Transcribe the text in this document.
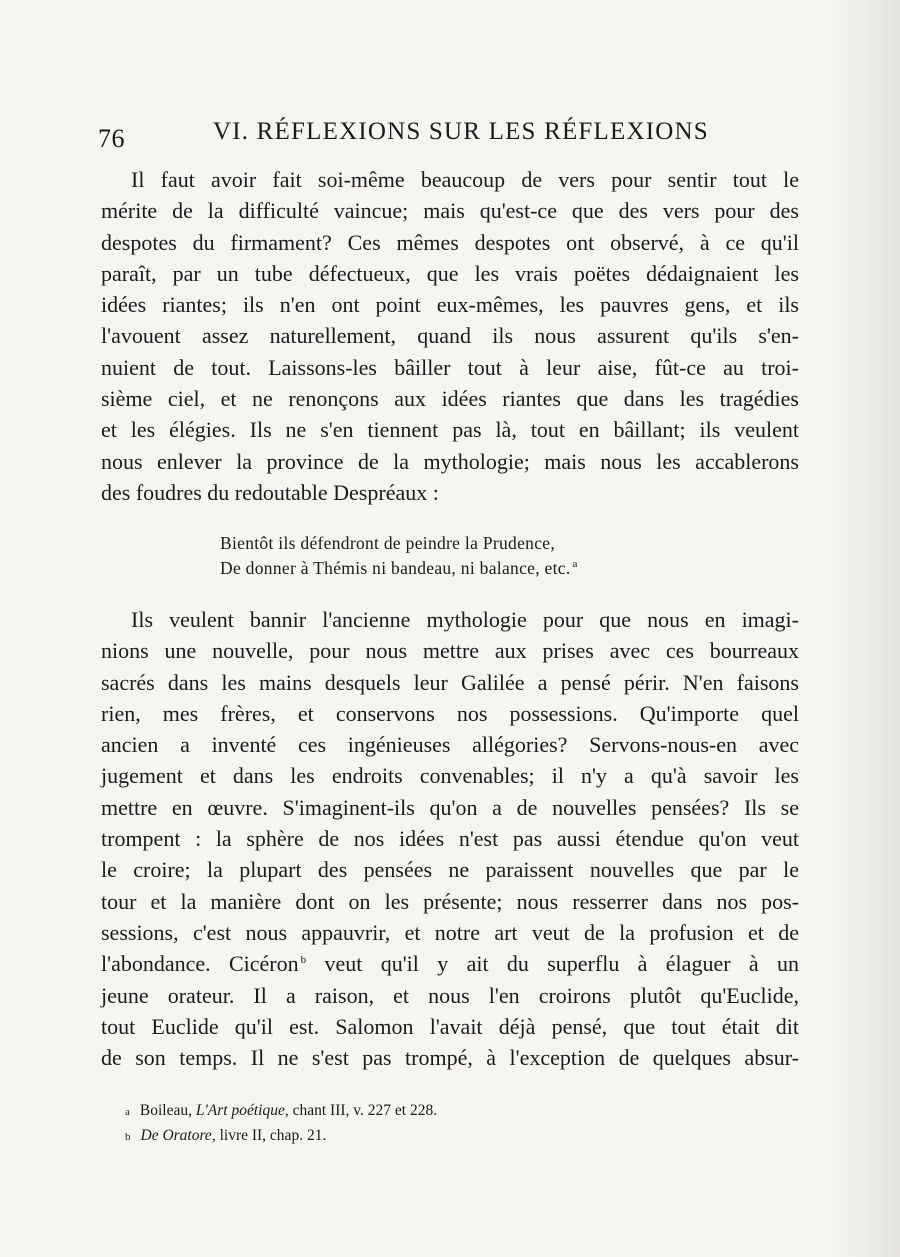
76	VI. RÉFLEXIONS SUR LES RÉFLEXIONS
Il faut avoir fait soi-même beaucoup de vers pour sentir tout le
mérite de la difficulté vaincue; mais qu'est-ce que des vers pour des
despotes du firmament? Ces mêmes despotes ont observé, à ce qu'il
paraît, par un tube défectueux, que les vrais poëtes dédaignaient les
idées riantes; ils n'en ont point eux-mêmes, les pauvres gens, et ils
l'avouent assez naturellement, quand ils nous assurent qu'ils s'en-
nuient de tout. Laissons-les bâiller tout à leur aise, fût-ce au troi-
sième ciel, et ne renonçons aux idées riantes que dans les tragédies
et les élégies. Ils ne s'en tiennent pas là, tout en bâillant; ils veulent
nous enlever la province de la mythologie; mais nous les accablerons
des foudres du redoutable Despréaux :
Bientôt ils défendront de peindre la Prudence,
De donner à Thémis ni bandeau, ni balance, etc. $^a$
Ils veulent bannir l'ancienne mythologie pour que nous en imagi-
nions une nouvelle, pour nous mettre aux prises avec ces bourreaux
sacrés dans les mains desquels leur Galilée a pensé périr. N'en faisons
rien, mes frères, et conservons nos possessions. Qu'importe quel
ancien a inventé ces ingénieuses allégories? Servons-nous-en avec
jugement et dans les endroits convenables; il n'y a qu'à savoir les
mettre en œuvre. S'imaginent-ils qu'on a de nouvelles pensées? Ils se
trompent : la sphère de nos idées n'est pas aussi étendue qu'on veut
le croire; la plupart des pensées ne paraissent nouvelles que par le
tour et la manière dont on les présente; nous resserrer dans nos pos-
sessions, c'est nous appauvrir, et notre art veut de la profusion et de
l'abondance. Cicéron $^b$ veut qu'il y ait du superflu à élaguer à un
jeune orateur. Il a raison, et nous l'en croirons plutôt qu'Euclide,
tout Euclide qu'il est. Salomon l'avait déjà pensé, que tout était dit
de son temps. Il ne s'est pas trompé, à l'exception de quelques absur-
a Boileau, L'Art poétique, chant III, v. 227 et 228.
b De Oratore, livre II, chap. 21.
